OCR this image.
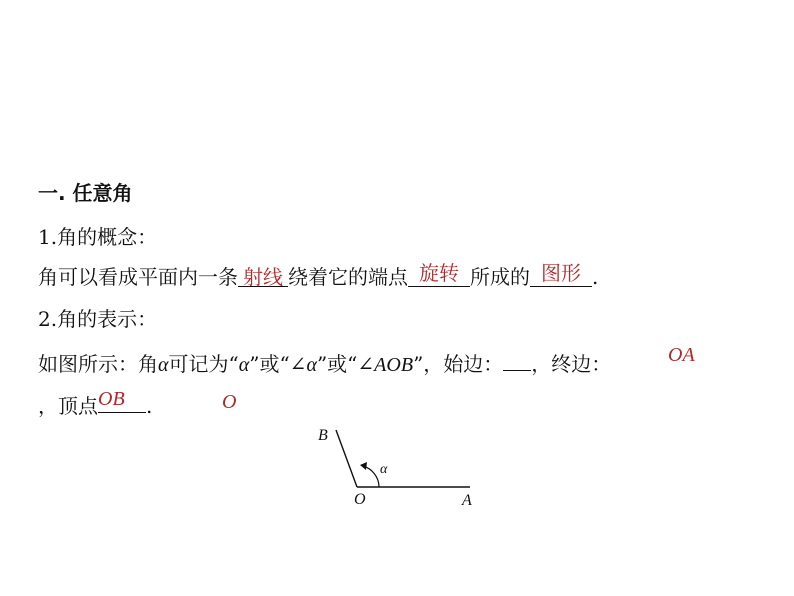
一. 任意角
1.角的概念：
角可以看成平面内一条 射线 绕着它的端点 旋转 所成的 图形 .
2.角的表示：
如图所示：角α可记为“α”或“∠α”或“∠AOB”，始边： ，终边：
，顶点 .
OA
OB	O
B
α
O	A
